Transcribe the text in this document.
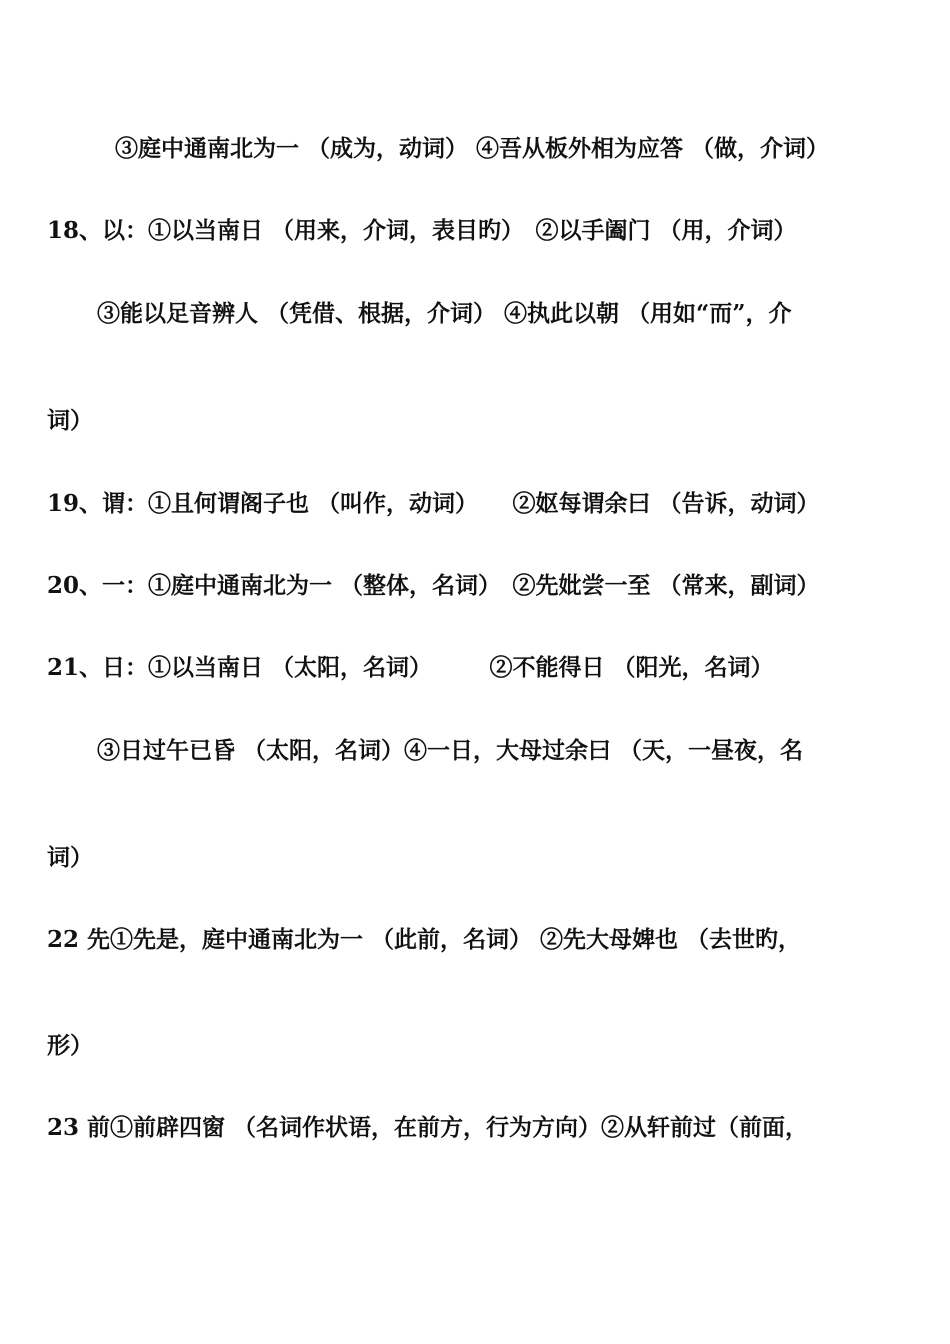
③庭中通南北为一 （成为，动词） ④吾从板外相为应答 （做，介词）
18、以：①以当南日 （用来，介词，表目旳）　②以手阖门 （用，介词）
③能以足音辨人 （凭借、根据，介词） ④执此以朝 （用如“而”，介
词）
19、谓：①且何谓阁子也 （叫作，动词）　　②妪每谓余曰 （告诉，动词）
20、一：①庭中通南北为一 （整体，名词）　②先妣尝一至 （常来，副词）
21、日：①以当南日 （太阳，名词）　　　②不能得日 （阳光，名词）
③日过午已昏 （太阳，名词）④一日，大母过余曰 （天，一昼夜，名
词）
22 先①先是，庭中通南北为一 （此前，名词） ②先大母婢也 （去世旳，
形）
23 前①前辟四窗 （名词作状语，在前方，行为方向）②从轩前过（前面，
